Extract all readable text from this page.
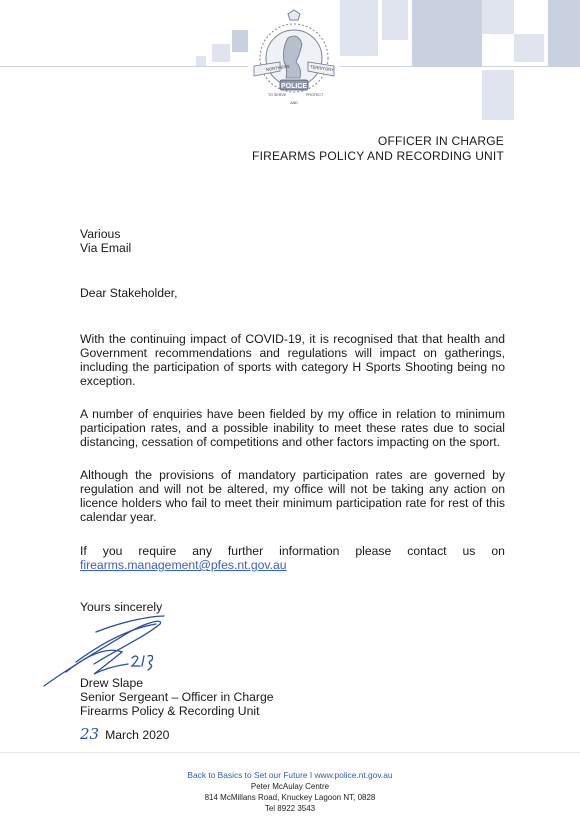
NORTHERN	TERRITORY
POLICE
TO SERVE
AND
PROTECT
OFFICER IN CHARGE
FIREARMS POLICY AND RECORDING UNIT
Various
Via Email
Dear Stakeholder,
With the continuing impact of COVID-19, it is recognised that that health and Government recommendations and regulations will impact on gatherings, including the participation of sports with category H Sports Shooting being no exception.
A number of enquiries have been fielded by my office in relation to minimum participation rates, and a possible inability to meet these rates due to social distancing, cessation of competitions and other factors impacting on the sport.
Although the provisions of mandatory participation rates are governed by regulation and will not be altered, my office will not be taking any action on licence holders who fail to meet their minimum participation rate for rest of this calendar year.
If you require any further information please contact us on
firearms.management@pfes.nt.gov.au
Yours sincerely
Drew Slape
Senior Sergeant – Officer in Charge
Firearms Policy & Recording Unit
23 March 2020
Back to Basics to Set our Future I www.police.nt.gov.au
Peter McAulay Centre
814 McMillans Road, Knuckey Lagoon NT, 0828
Tel 8922 3543
